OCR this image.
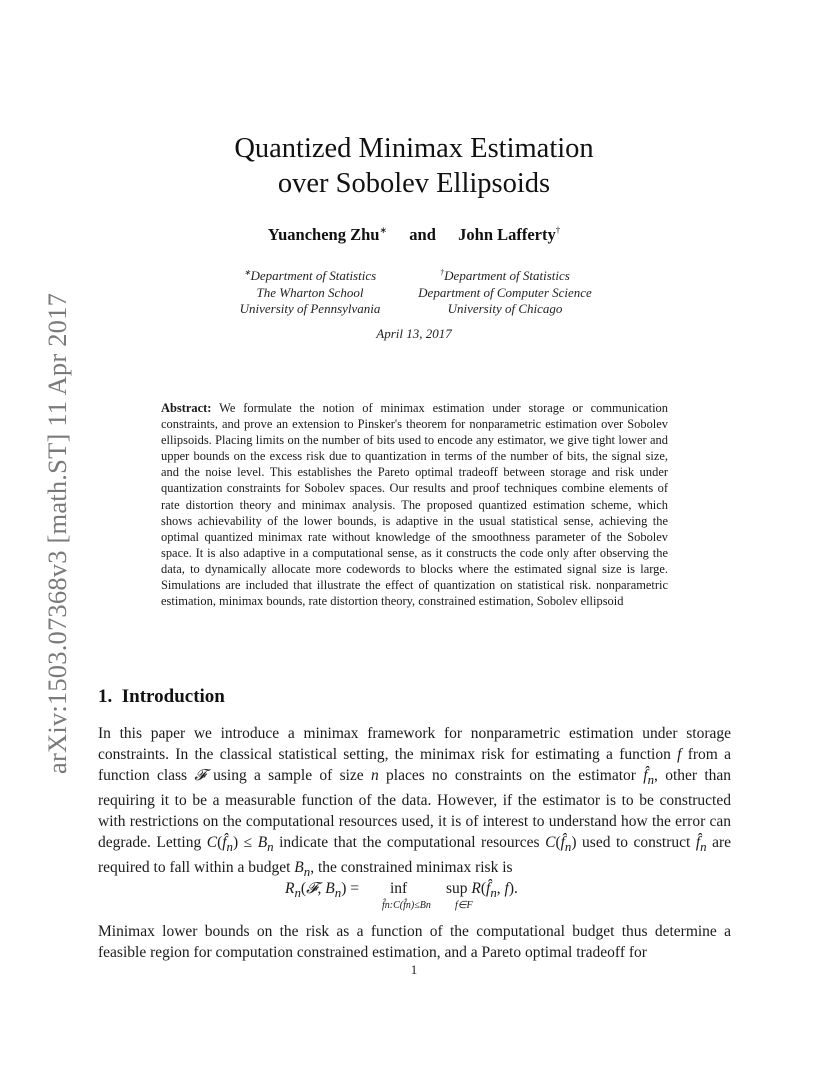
arXiv:1503.07368v3 [math.ST] 11 Apr 2017
Quantized Minimax Estimation
over Sobolev Ellipsoids
Yuancheng Zhu∗ and John Lafferty†
∗Department of Statistics
The Wharton School
University of Pennsylvania
†Department of Statistics
Department of Computer Science
University of Chicago
April 13, 2017
Abstract: We formulate the notion of minimax estimation under storage or communication constraints, and prove an extension to Pinsker's theorem for nonparametric estimation over Sobolev ellipsoids. Placing limits on the number of bits used to encode any estimator, we give tight lower and upper bounds on the excess risk due to quantization in terms of the number of bits, the signal size, and the noise level. This establishes the Pareto optimal tradeoff between storage and risk under quantization constraints for Sobolev spaces. Our results and proof techniques combine elements of rate distortion theory and minimax analysis. The proposed quantized estimation scheme, which shows achievability of the lower bounds, is adaptive in the usual statistical sense, achieving the optimal quantized minimax rate without knowledge of the smoothness parameter of the Sobolev space. It is also adaptive in a computational sense, as it constructs the code only after observing the data, to dynamically allocate more codewords to blocks where the estimated signal size is large. Simulations are included that illustrate the effect of quantization on statistical risk. nonparametric estimation, minimax bounds, rate distortion theory, constrained estimation, Sobolev ellipsoid
1. Introduction
In this paper we introduce a minimax framework for nonparametric estimation under storage constraints. In the classical statistical setting, the minimax risk for estimating a function f from a function class 𝓕 using a sample of size n places no constraints on the estimator $f̂_n$, other than requiring it to be a measurable function of the data. However, if the estimator is to be constructed with restrictions on the computational resources used, it is of interest to understand how the error can degrade. Letting $C(f̂_n) \le B_n$ indicate that the computational resources $C(f̂_n)$ used to construct $f̂_n$ are required to fall within a budget $B_n$, the constrained minimax risk is
$R_n(𝓕$, $B_n$) =        inf	sup $R(f̂_n$, f).
f̂n:C(f̂n)≤Bn f∈F
Minimax lower bounds on the risk as a function of the computational budget thus determine a feasible region for computation constrained estimation, and a Pareto optimal tradeoff for
1
